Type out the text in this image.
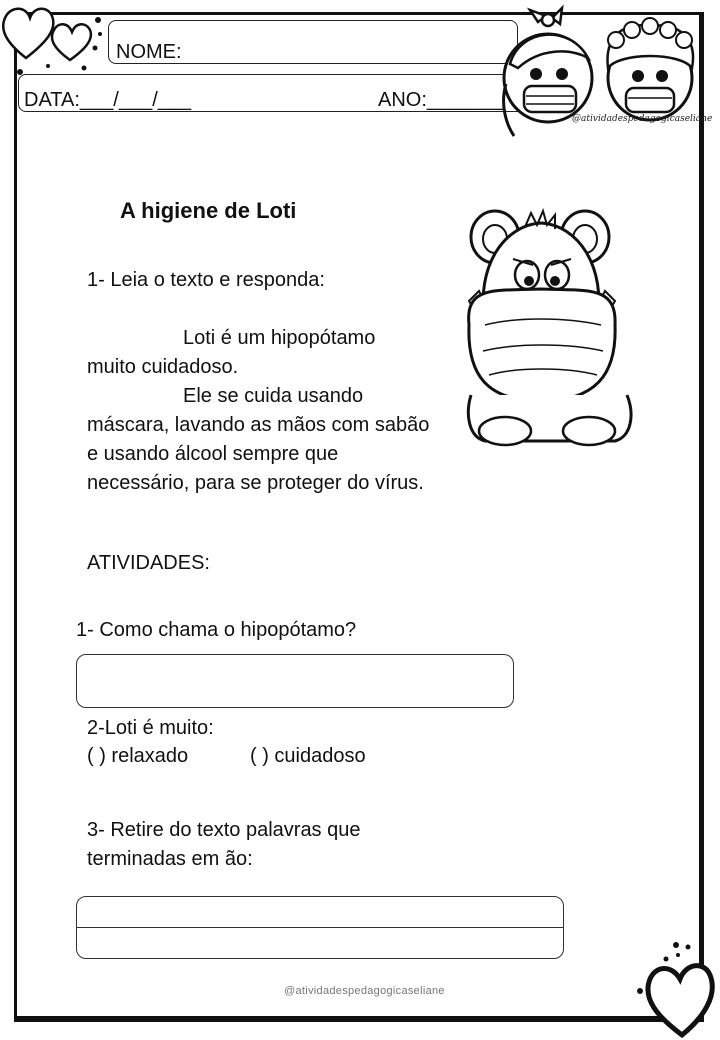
NOME:
DATA:___/___/___	ANO:_______
@atividadespedagogicaseliane
A higiene de Loti
1- Leia o texto e responda:
Loti é um hipopótamo muito cuidadoso.
Ele se cuida usando máscara, lavando as mãos com sabão e usando álcool sempre que necessário, para se proteger do vírus.
ATIVIDADES:
1- Como chama o hipopótamo?
2-Loti é muito:
( ) relaxado	( ) cuidadoso
3- Retire do texto palavras que terminadas em ão:
@atividadespedagogicaseliane
